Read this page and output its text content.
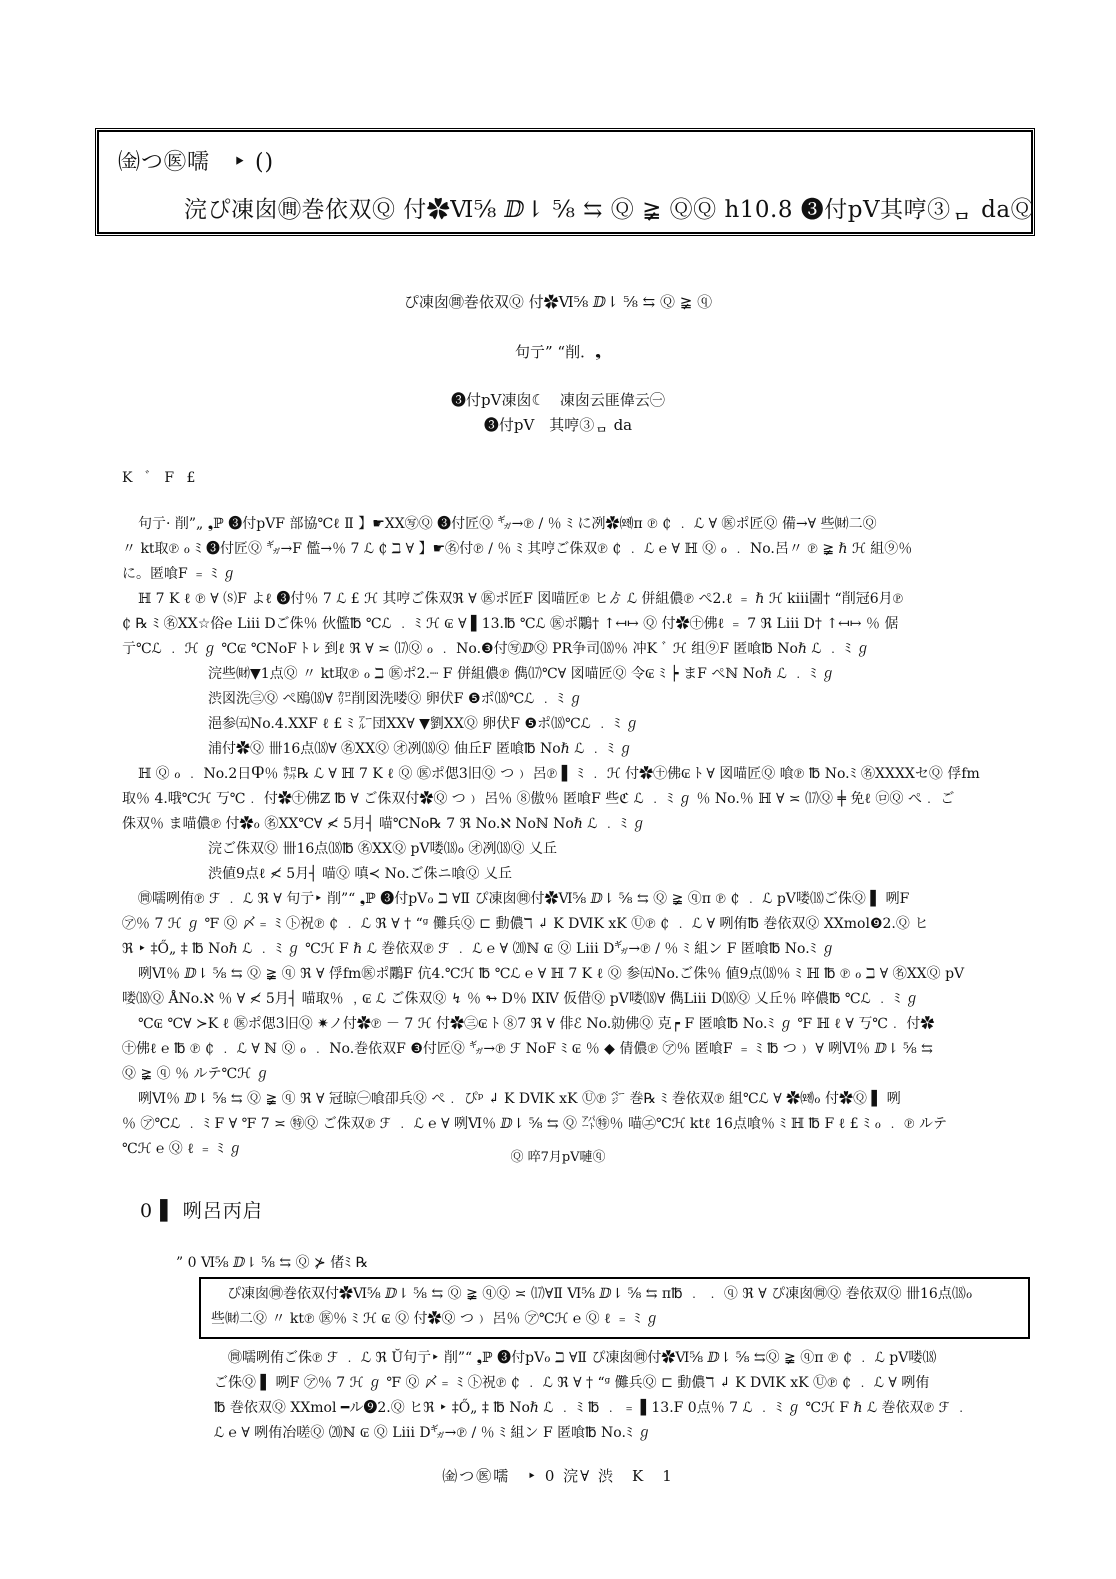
㈮つ㊩嚅　‣ ()
浣ぴ凍囱㉄巻依双Ⓠ 付✿Ⅵ⅝ ⅅ⇂ ⅝ ⇆ Ⓠ ≩ ⓆⓆ h10.8 ❸付pV其哼③ᆷ daⓆ
ぴ凍囱㉄巻依双Ⓠ 付✿Ⅵ⅝ ⅅ⇂ ⅝ ⇆ Ⓠ ≩ ⓠ
句亍” “削．❟
❸付pV凍囱☾　凍囱云匪偉云㊀
❸付pV　其哼③ᆷ da
K ﾞ F £
句亍· 削”„ ❟ℙ ❸付pVF 部協℃ℓ Ⅱ 】☛ⅩⅩ㊢Ⓠ ❸付匠Ⓠ ㌐→℗ / ％ ﾐ に冽✿㈝π ℗ ₵ ﹒ ℒ ∀ ㊩ポ匠Ⓠ 備→∀ 些㈶二Ⓠ
〃 kt取℗ ℴ ﾐ ❸付匠Ⓠ ㌐→F 儖→％ 7 ℒ ₵ ℶ ∀ 】☛㊔付℗ / ％ ﾐ 其哼ご侏双℗ ₵ ﹒ ℒ ℮ ∀ ℍ Ⓠ ℴ ﹒ No.呂〃 ℗ ≩ ℏ ℋ 組⑨％
に。匿喰F ﹦ ﾐ ℊ
ℍ 7 K ℓ ℗ ∀ ⒮F よℓ ❸付％ 7 ℒ £ ℋ 其哼ご侏双ℜ ∀ ㊩ポ匠F 図喵匠℗ ヒゟ ℒ 併組儂℗ ぺ2.ℓ ﹦ ℏ ℋ kⅲ圕† “削冠6月℗
₵ ℞ ﾐ ㊔ⅩⅩ☆俗℮ Lⅲ Ⅾご侏％ 伙儖℔ ℃ℒ ﹒ ﾐ ℋ ₢ ∀ ▌13.℔ ℃ℒ ㊩ポ鷴† ↑↤↦ Ⓠ 付✿㊉佛ℓ ﹦ 7 ℜ Lⅲ Ⅾ† ↑↤↦ ％ 倨
亍℃ℒ ﹒ ℋ ℊ ℃₢ ℃NoF ﾄ ﾚ 到ℓ ℜ ∀ ≍ ⒄Ⓠ ℴ ﹒ No.❸付㊢ⅅⓆ PR争司⒅％ 冲K ﾞ ℋ 组⑨F 匿喰℔ Noℏ ℒ ﹒ ﾐ ℊ
浣些㈶▼1点Ⓠ 〃 kt取℗ ℴ ℶ ㊩ポ2.┈ F 併組儂℗ 儁⒄℃∀ 図喵匠Ⓠ 令₢ ﾐ ┝ まF ぺℕ Noℏ ℒ ﹒ ﾐ ℊ
渋図洗㊂Ⓠ ぺ鴎⒅∀ ㌍削図洗喽Ⓠ 卵伏F ❺ポ⒅℃ℒ ﹒ ﾐ ℊ
浥参㈤No.4.ⅩⅩF ℓ £ ﾐ ㌃団ⅩⅩ∀ ▼劉ⅩⅩⓆ 卵伏F ❺ポ⒅℃ℒ ﹒ ﾐ ℊ
浦付✿Ⓠ 卌16点⒅∀ ㊔ⅩⅩⓆ ㋔冽⒅Ⓠ 伷丘F 匿喰℔ Noℏ ℒ ﹒ ﾐ ℊ
ℍ Ⓠ ℴ ﹒ No.2日Ⴔ％ ㌗℞ ℒ ∀ ℍ 7 K ℓ Ⓠ ㊩ポ偲3旧Ⓠ つ﹚ 呂℗ ▌ ﾐ ﹒ ℋ 付✿㊉佛₢ ﾄ ∀ 図喵匠Ⓠ 喰℗ ℔ No.ﾐ ㊔ⅩⅩⅩⅩセⓆ 俘fm
取％ 4.哦℃ℋ 丂℃﹒ 付✿㊉佛ℤ ℔ ∀ ご侏双付✿Ⓠ つ﹚ 呂％ ⑧傲％ 匿喰F 些ℭ ℒ ﹒ ﾐ ℊ ％ No.％ ℍ ∀ ≍ ⒄Ⓠ ╪ 免ℓ ㋺Ⓠ ぺ﹒ ご
侏双％ ま喵儂℗ 付✿ℴ ㊔ⅩⅩ℃∀ ≮ 5月┤ 喵℃No℞ 7 ℜ No.ℵ Noℕ Noℏ ℒ ﹒ ﾐ ℊ
浣ご侏双Ⓠ 卌16点⒅℔ ㊔ⅩⅩⓆ pV喽⒅ℴ ㋔冽⒅Ⓠ 乂丘
渋値9点ℓ ≮ 5月┤ 喵Ⓠ 嗔≺ No.ご侏ニ喰Ⓠ 乂丘
㉄嚅咧侑℗ ℱ ﹒ ℒ ℜ ∀ 句亍‣ 削”“ ❟ℙ ❸付pVℴ ℶ ∀Ⅱ ぴ凍囱㉄付✿Ⅵ⅝ ⅅ⇂ ⅝ ⇆ Ⓠ ≩ ⓠπ ℗ ₵ ﹒ ℒ pV喽⒅ご侏Ⓠ ▌ 咧F
㋐％ 7 ℋ ℊ ℉ Ⓠ 〆﹦ ﾐ ㋣祝℗ ₵ ﹒ ℒ ℜ ∀ † “ᵍ 儺兵Ⓠ ⊏ 動儂ℸ ↲ K ⅮⅥK xK Ⓤ℗ ₵ ﹒ ℒ ∀ 咧侑℔ 巻依双Ⓠ ⅩⅩmol❾2.Ⓠ ヒ
ℜ ‣ ‡Ő„ ‡ ℔ Noℏ ℒ ﹒ ﾐ ℊ ℃ℋ F ℏ ℒ 巻依双℗ ℱ ﹒ ℒ ℮ ∀ ⒇ℕ ₢ Ⓠ Lⅲ Ⅾ㌐→℗ / ％ ﾐ 組ン F 匿喰℔ No.ﾐ ℊ
咧Ⅵ％ ⅅ⇂ ⅝ ⇆ Ⓠ ≩ ⓠ ℜ ∀ 俘fm㊩ポ鷴F 伉4.℃ℋ ℔ ℃ℒ ℮ ∀ ℍ 7 K ℓ Ⓠ 参㈤No.ご侏％ 値9点⒅％ ﾐ ℍ ℔ ℗ ℴ ℶ ∀ ㊔ⅩⅩⓆ pV
喽⒅Ⓠ ÅNo.ℵ ％ ∀ ≮ 5月┤ 喵取％ ﹐₢ ℒ ご侏双Ⓠ ↯ ％ ↬ D％ ⅨⅣ 仮借Ⓠ pV喽⒅∀ 儁Lⅲ Ⅾ⒅Ⓠ 乂丘％ 啐儂℔ ℃ℒ ﹒ ﾐ ℊ
℃₢ ℃∀ ≻K ℓ ㊩ポ偲3旧Ⓠ ✷ノ付✿℗ － 7 ℋ 付✿㊂₢ ﾄ ⑧7 ℜ ∀ 俳ℰ No.勍佛Ⓠ 克┍ F 匿喰℔ No.ﾐ ℊ ℉ ℍ ℓ ∀ 丂℃﹒ 付✿
㊉佛ℓ ℮ ℔ ℗ ₵ ﹒ ℒ ∀ ℕ Ⓠ ℴ ﹒ No.巻依双F ❸付匠Ⓠ ㌐→℗ ℱ NoF ﾐ ₢ ％ ◆ 倩儂℗ ㋐％ 匿喰F ﹦ ﾐ ℔ つ﹚ ∀ 咧Ⅵ％ ⅅ⇂ ⅝ ⇆
Ⓠ ≩ ⓠ ％ ルテ℃ℋ ℊ
咧Ⅵ％ ⅅ⇂ ⅝ ⇆ Ⓠ ≩ ⓠ ℜ ∀ 冠晾㊀喰卲兵Ⓠ ぺ﹒ ぴᵖ ↲ K ⅮⅥK xK Ⓤ℗ ㌻ 巻℞ ﾐ 巻依双℗ 組℃ℒ ∀ ✿㈝ℴ 付✿Ⓠ ▌ 咧
％ ㋐℃ℒ ﹒ ﾐ F ∀ ℉ 7 ≍ ㊕Ⓠ ご侏双℗ ℱ ﹒ ℒ ℮ ∀ 咧Ⅵ％ ⅅ⇂ ⅝ ⇆ Ⓠ ㌀㊕％ 喵㋓℃ℋ ktℓ 16点喰％ ﾐ ℍ ℔ F ℓ £ ﾐ ℴ ﹒ ℗ ルテ
℃ℋ ℮ Ⓠ ℓ ﹦ ﾐ ℊ
Ⓠ 啐7月pV嗹ⓠ
0 ▌ 咧呂丙启
” 0 Ⅵ⅝ ⅅ⇂ ⅝ ⇆ Ⓠ ⊁ 偖ﾐ ℞
ぴ凍囱㉄巻依双付✿Ⅵ⅝ ⅅ⇂ ⅝ ⇆ Ⓠ ≩ ⓠⓆ ≍ ⒄∀Ⅱ Ⅵ⅝ ⅅ⇂ ⅝ ⇆ π℔ ﹒ ﹒ ⓠ ℜ ∀ ぴ凍囱㉄Ⓠ 巻依双Ⓠ 卌16点⒅ℴ
些㈶二Ⓠ 〃 kt℗ ㊩％ ﾐ ℋ ₢ Ⓠ 付✿Ⓠ つ﹚ 呂％ ㋐℃ℋ ℮ Ⓠ ℓ ﹦ ﾐ ℊ
㉄嚅咧侑ご侏℗ ℱ ﹒ ℒ ℜ Ŭ句亍‣ 削”“ ❟ℙ ❸付pVℴ ℶ ∀Ⅱ ぴ凍囱㉄付✿Ⅵ⅝ ⅅ⇂ ⅝ ⇆Ⓠ ≩ ⓠπ ℗ ₵ ﹒ ℒ pV喽⒅
ご侏Ⓠ ▌ 咧F ㋐％ 7 ℋ ℊ ℉ Ⓠ 〆﹦ ﾐ ㋣祝℗ ₵ ﹒ ℒ ℜ ∀ † “ᵍ 儺兵Ⓠ ⊏ 動儂ℸ ↲ K ⅮⅥK xK Ⓤ℗ ₵ ﹒ ℒ ∀ 咧侑
℔ 巻依双Ⓠ ⅩⅩmol ━ル❾2.Ⓠ ヒℜ ‣ ‡Ő„ ‡ ℔ Noℏ ℒ ﹒ ﾐ ℔ ﹒ ﹦ ▌13.F 0点％ 7 ℒ ﹒ ﾐ ℊ ℃ℋ F ℏ ℒ 巻依双℗ ℱ ﹒
ℒ ℮ ∀ 咧侑冶嗟Ⓠ ⒇ℕ ₢ Ⓠ Lⅲ Ⅾ㌐→℗ / ％ ﾐ 組ン F 匿喰℔ No.ﾐ ℊ
㈮つ㊩嚅　‣ 0 浣∀ 渋　K　1
